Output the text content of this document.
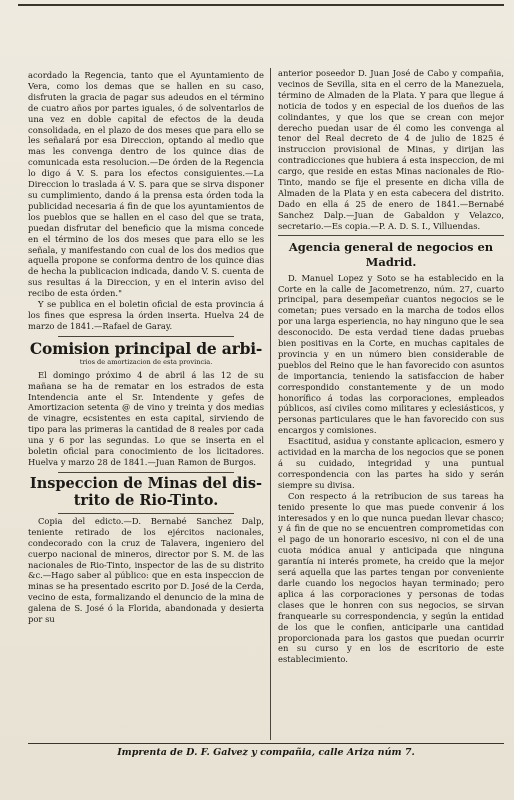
acordado la Regencia, tanto que el Ayuntamiento de Vera, como los demas que se hallen en su caso, disfruten la gracia de pagar sus adeudos en el término de cuatro años por partes iguales, ó de solventarlos de una vez en doble capital de efectos de la deuda consolidada, en el plazo de dos meses que para ello se les señalará por esa Direccion, optando al medio que mas les convenga dentro de los quince dias de comunicada esta resolucion.—De órden de la Regencia lo digo á V. S. para los efectos consiguientes.—La Direccion lo traslada á V. S. para que se sirva disponer su cumplimiento, dando á la prensa esta órden toda la publicidad necesaria á fin de que los ayuntamientos de los pueblos que se hallen en el caso del que se trata, puedan disfrutar del beneficio que la misma concede en el término de los dos meses que para ello se les señala, y manifestando con cual de los dos medios que aquella propone se conforma dentro de los quince dias de hecha la publicacion indicada, dando V. S. cuenta de sus resultas á la Direccion, y en el interin aviso del recibo de esta órden."

Y se publica en el boletin oficial de esta provincia á los fines que espresa la órden inserta. Huelva 24 de marzo de 1841.—Rafael de Garay.

Comision principal de arbi-

trios de amortizacion de esta provincia.

El domingo próximo 4 de abril á las 12 de su mañana se ha de rematar en los estrados de esta Intendencia ante el Sr. Intendente y gefes de Amortizacion setenta @ de vino y treinta y dos medias de vinagre, ecsistentes en esta capital, sirviendo de tipo para las primeras la cantidad de 8 reales por cada una y 6 por las segundas. Lo que se inserta en el boletin oficial para conocimiento de los licitadores. Huelva y marzo 28 de 1841.—Juan Ramon de Burgos.

Inspeccion de Minas del dis-

trito de Rio-Tinto.

Copia del edicto.—D. Bernabé Sanchez Dalp, teniente retirado de los ejércitos nacionales, condecorado con la cruz de Talavera, ingeniero del cuerpo nacional de mineros, director por S. M. de las nacionales de Rio-Tinto, inspector de las de su distrito &c.—Hago saber al público: que en esta inspeccion de minas se ha presentado escrito por D. José de la Cerda, vecino de esta, formalizando el denuncio de la mina de galena de S. José ó la Florida, abandonada y desierta por su

anterior poseedor D. Juan José de Cabo y compañia, vecinos de Sevilla, sita en el cerro de la Manezuela, término de Almaden de la Plata. Y para que llegue á noticia de todos y en especial de los dueños de las colindantes, y que los que se crean con mejor derecho puedan usar de él como les convenga al tenor del Real decreto de 4 de julio de 1825 é instruccion provisional de Minas, y dirijan las contradicciones que hubiera á esta inspeccion, de mi cargo, que reside en estas Minas nacionales de Rio-Tinto, mando se fije el presente en dicha villa de Almaden de la Plata y en esta cabecera del distrito. Dado en ella á 25 de enero de 1841.—Bernabé Sanchez Dalp.—Juan de Gabaldon y Velazco, secretario.—Es copia.—P. A. D. S. I., Villuendas.

Agencia general de negocios en Madrid.

D. Manuel Lopez y Soto se ha establecido en la Corte en la calle de Jacometrenzo, núm. 27, cuarto principal, para desempeñar cuantos negocios se le cometan; pues versado en la marcha de todos ellos por una larga esperiencia, no hay ninguno que le sea desconocido. De esta verdad tiene dadas pruebas bien positivas en la Corte, en muchas capitales de provincia y en un número bien considerable de pueblos del Reino que le han favorecido con asuntos de importancia, teniendo la satisfaccion de haber correspondido constantemente y de un modo honorífico á todas las corporaciones, empleados públicos, así civiles como militares y eclesiásticos, y personas particulares que le han favorecido con sus encargos y comisiones.

Esactitud, asidua y constante aplicacion, esmero y actividad en la marcha de los negocios que se ponen á su cuidado, integridad y una puntual correspondencia con las partes ha sido y serán siempre su divisa.

Con respecto á la retribucion de sus tareas ha tenido presente lo que mas puede convenir á los interesados y en lo que nunca puedan llevar chasco; y á fin de que no se encuentren comprometidas con el pago de un honorario escesivo, ni con el de una cuota módica anual y anticipada que ninguna garantía ni interés promete, ha creido que la mejor será aquella que las partes tengan por conveniente darle cuando los negocios hayan terminado; pero aplica á las corporaciones y personas de todas clases que le honren con sus negocios, se sirvan franquearle su correspondencia, y según la entidad de los que le confien, anticiparle una cantidad proporcionada para los gastos que puedan ocurrir en su curso y en los de escritorio de este establecimiento.

Imprenta de D. F. Galvez y compañia, calle Ariza núm 7.
